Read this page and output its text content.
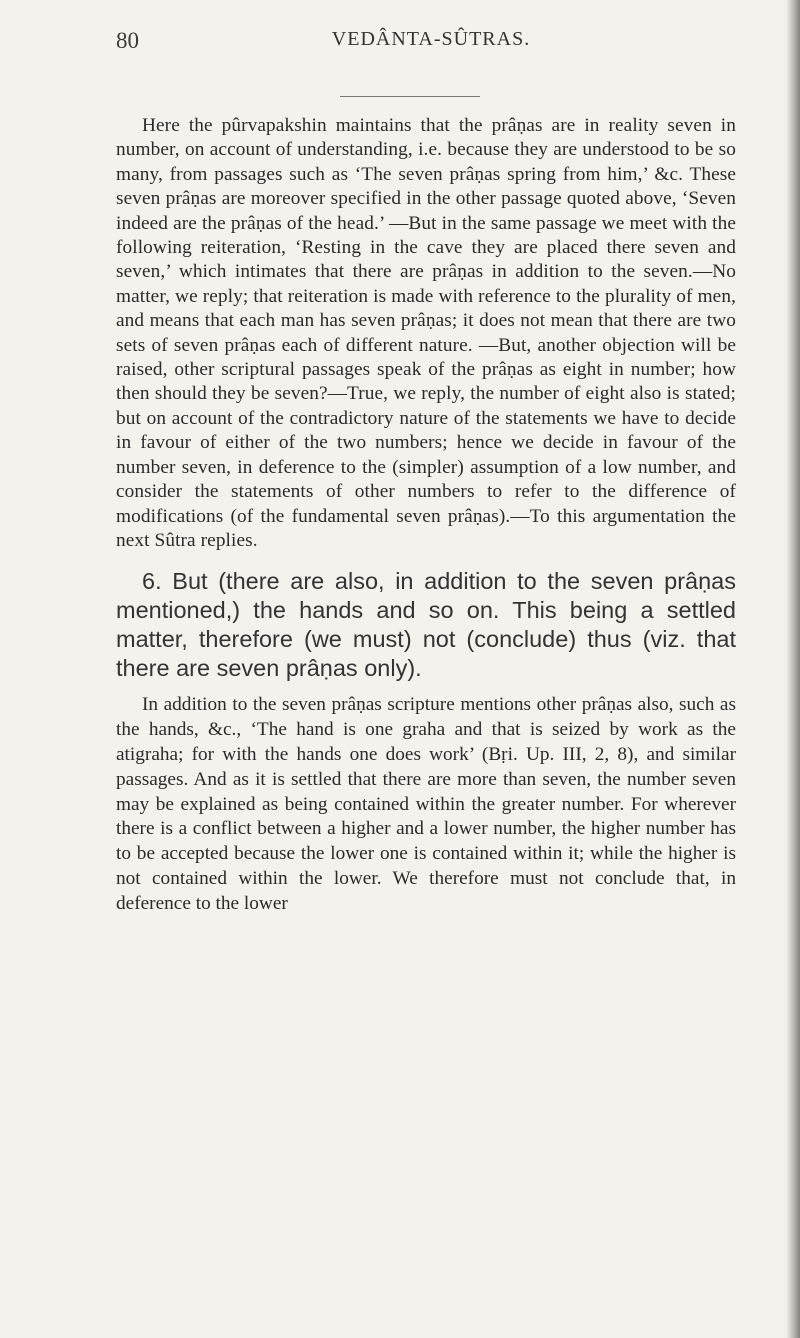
80	VEDÂNTA-SÛTRAS.

Here the pûrvapakshin maintains that the prâṇas are in reality seven in number, on account of understanding, i.e. because they are understood to be so many, from passages such as ‘The seven prâṇas spring from him,’ &c. These seven prâṇas are moreover specified in the other passage quoted above, ‘Seven indeed are the prâṇas of the head.’ —But in the same passage we meet with the following reiteration, ‘Resting in the cave they are placed there seven and seven,’ which intimates that there are prâṇas in addition to the seven.—No matter, we reply; that reiteration is made with reference to the plurality of men, and means that each man has seven prâṇas; it does not mean that there are two sets of seven prâṇas each of different nature. —But, another objection will be raised, other scriptural passages speak of the prâṇas as eight in number; how then should they be seven?—True, we reply, the number of eight also is stated; but on account of the contradictory nature of the statements we have to decide in favour of either of the two numbers; hence we decide in favour of the number seven, in deference to the (simpler) assumption of a low number, and consider the statements of other numbers to refer to the difference of modifications (of the fundamental seven prâṇas).—To this argumentation the next Sûtra replies.

6. But (there are also, in addition to the seven prâṇas mentioned,) the hands and so on. This being a settled matter, therefore (we must) not (conclude) thus (viz. that there are seven prâṇas only).

In addition to the seven prâṇas scripture mentions other prâṇas also, such as the hands, &c., ‘The hand is one graha and that is seized by work as the atigraha; for with the hands one does work’ (Bṛi. Up. III, 2, 8), and similar passages. And as it is settled that there are more than seven, the number seven may be explained as being contained within the greater number. For wherever there is a conflict between a higher and a lower number, the higher number has to be accepted because the lower one is contained within it; while the higher is not contained within the lower. We therefore must not conclude that, in deference to the lower
